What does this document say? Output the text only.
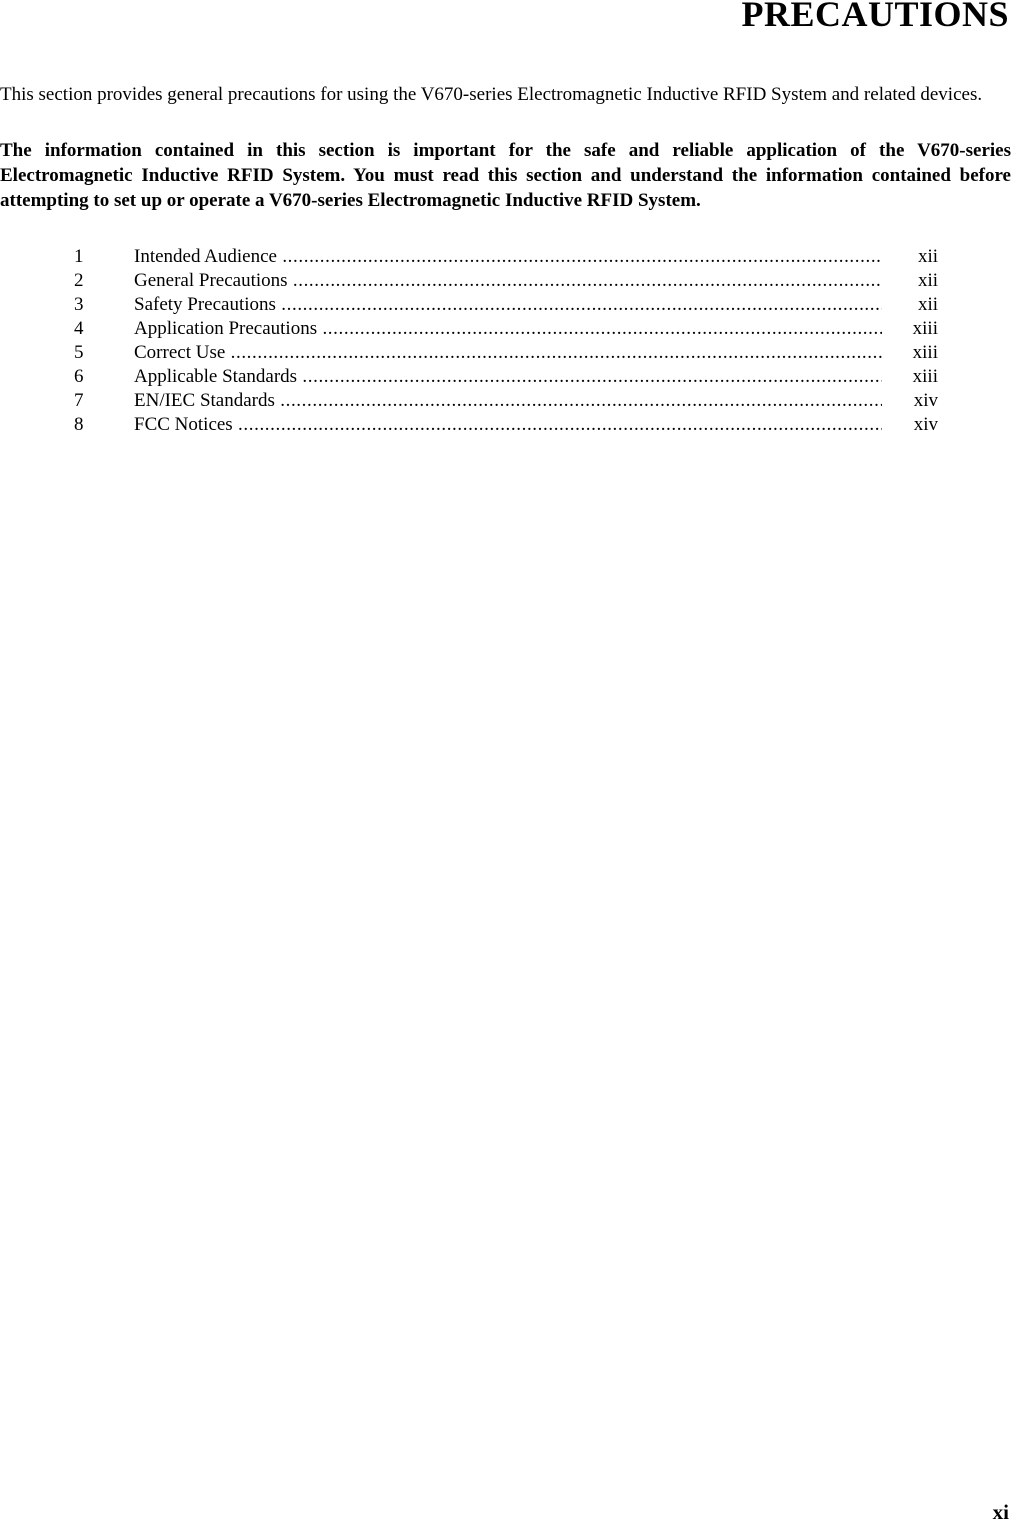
PRECAUTIONS

This section provides general precautions for using the V670-series Electromagnetic Inductive RFID System and related devices.

The information contained in this section is important for the safe and reliable application of the V670-series Electromagnetic Inductive RFID System. You must read this section and understand the information contained before attempting to set up or operate a V670-series Electromagnetic Inductive RFID System.

1	Intended Audience .....	xii
2	General Precautions .....	xii
3	Safety Precautions .....	xii
4	Application Precautions .....	xiii
5	Correct Use .....	xiii
6	Applicable Standards .....	xiii
7	EN/IEC Standards .....	xiv
8	FCC Notices .....	xiv

xi
